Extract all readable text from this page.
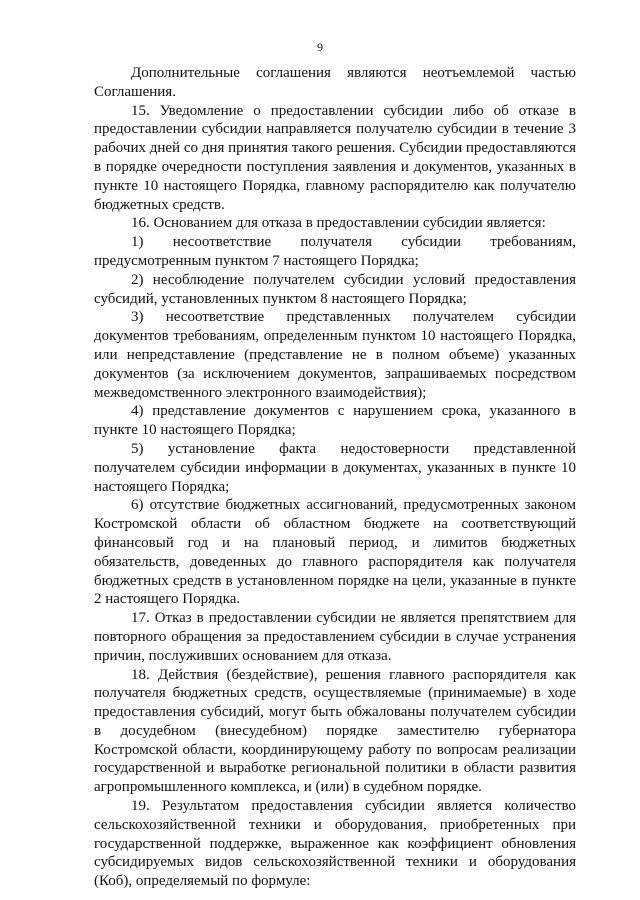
9

Дополнительные соглашения являются неотъемлемой частью Соглашения.

15. Уведомление о предоставлении субсидии либо об отказе в предоставлении субсидии направляется получателю субсидии в течение 3 рабочих дней со дня принятия такого решения. Субсидии предоставляются в порядке очередности поступления заявления и документов, указанных в пункте 10 настоящего Порядка, главному распорядителю как получателю бюджетных средств.

16. Основанием для отказа в предоставлении субсидии является:

1) несоответствие получателя субсидии требованиям, предусмотренным пунктом 7 настоящего Порядка;

2) несоблюдение получателем субсидии условий предоставления субсидий, установленных пунктом 8 настоящего Порядка;

3) несоответствие представленных получателем субсидии документов требованиям, определенным пунктом 10 настоящего Порядка, или непредставление (представление не в полном объеме) указанных документов (за исключением документов, запрашиваемых посредством межведомственного электронного взаимодействия);

4) представление документов с нарушением срока, указанного в пункте 10 настоящего Порядка;

5) установление факта недостоверности представленной получателем субсидии информации в документах, указанных в пункте 10 настоящего Порядка;

6) отсутствие бюджетных ассигнований, предусмотренных законом Костромской области об областном бюджете на соответствующий финансовый год и на плановый период, и лимитов бюджетных обязательств, доведенных до главного распорядителя как получателя бюджетных средств в установленном порядке на цели, указанные в пункте 2 настоящего Порядка.

17. Отказ в предоставлении субсидии не является препятствием для повторного обращения за предоставлением субсидии в случае устранения причин, послуживших основанием для отказа.

18. Действия (бездействие), решения главного распорядителя как получателя бюджетных средств, осуществляемые (принимаемые) в ходе предоставления субсидий, могут быть обжалованы получателем субсидии в досудебном (внесудебном) порядке заместителю губернатора Костромской области, координирующему работу по вопросам реализации государственной и выработке региональной политики в области развития агропромышленного комплекса, и (или) в судебном порядке.

19. Результатом предоставления субсидии является количество сельскохозяйственной техники и оборудования, приобретенных при государственной поддержке, выраженное как коэффициент обновления субсидируемых видов сельскохозяйственной техники и оборудования (Коб), определяемый по формуле:
